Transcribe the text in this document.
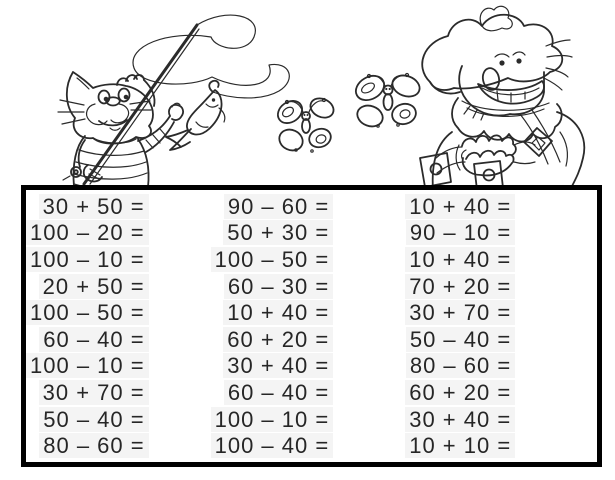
30 + 50 =
100 – 20 =
100 – 10 =
20 + 50 =
100 – 50 =
60 – 40 =
100 – 10 =
30 + 70 =
50 – 40 =
80 – 60 =
90 – 60 =
50 + 30 =
100 – 50 =
60 – 30 =
10 + 40 =
60 + 20 =
30 + 40 =
60 – 40 =
100 – 10 =
100 – 40 =
10 + 40 =
90 – 10 =
10 + 40 =
70 + 20 =
30 + 70 =
50 – 40 =
80 – 60 =
60 + 20 =
30 + 40 =
10 + 10 =
